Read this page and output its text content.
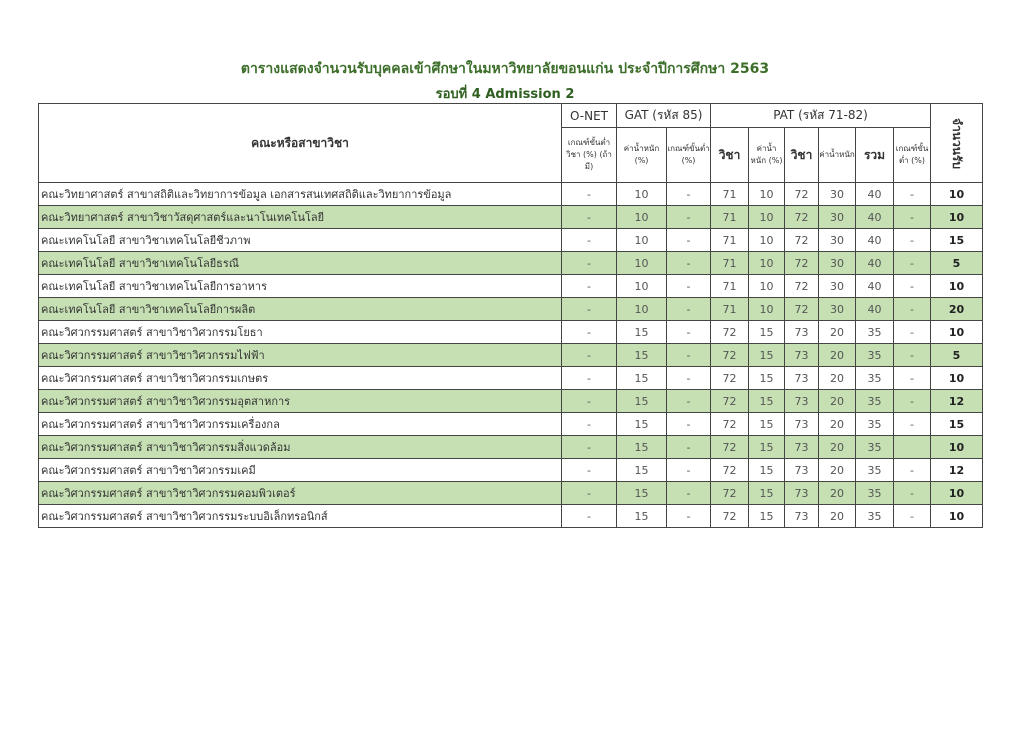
ตารางแสดงจำนวนรับบุคคลเข้าศึกษาในมหาวิทยาลัยขอนแก่น ประจำปีการศึกษา 2563
รอบที่ 4 Admission 2
คณะหรือสาขาวิชา	O-NET	GAT (รหัส 85)		PAT (รหัส 71-82)						จำนวนรับ
	เกณฑ์ขั้นต่ำวิชา (%) (ถ้ามี)	ค่าน้ำหนัก (%)	เกณฑ์ขั้นต่ำ (%)	วิชา	ค่าน้ำหนัก (%)	วิชา	ค่าน้ำหนัก	รวม	เกณฑ์ขั้นต่ำ (%)	
คณะวิทยาศาสตร์ สาขาสถิติและวิทยาการข้อมูล เอกสารสนเทศสถิติและวิทยาการข้อมูล	-	10	-	71	10	72	30	40	-	10
คณะวิทยาศาสตร์ สาขาวิชาวัสดุศาสตร์และนาโนเทคโนโลยี	-	10	-	71	10	72	30	40	-	10
คณะเทคโนโลยี สาขาวิชาเทคโนโลยีชีวภาพ	-	10	-	71	10	72	30	40	-	15
คณะเทคโนโลยี สาขาวิชาเทคโนโลยีธรณี	-	10	-	71	10	72	30	40	-	5
คณะเทคโนโลยี สาขาวิชาเทคโนโลยีการอาหาร	-	10	-	71	10	72	30	40	-	10
คณะเทคโนโลยี สาขาวิชาเทคโนโลยีการผลิต	-	10	-	71	10	72	30	40	-	20
คณะวิศวกรรมศาสตร์ สาขาวิชาวิศวกรรมโยธา	-	15	-	72	15	73	20	35	-	10
คณะวิศวกรรมศาสตร์ สาขาวิชาวิศวกรรมไฟฟ้า	-	15	-	72	15	73	20	35	-	5
คณะวิศวกรรมศาสตร์ สาขาวิชาวิศวกรรมเกษตร	-	15	-	72	15	73	20	35	-	10
คณะวิศวกรรมศาสตร์ สาขาวิชาวิศวกรรมอุตสาหการ	-	15	-	72	15	73	20	35	-	12
คณะวิศวกรรมศาสตร์ สาขาวิชาวิศวกรรมเครื่องกล	-	15	-	72	15	73	20	35	-	15
คณะวิศวกรรมศาสตร์ สาขาวิชาวิศวกรรมสิ่งแวดล้อม	-	15	-	72	15	73	20	35		10
คณะวิศวกรรมศาสตร์ สาขาวิชาวิศวกรรมเคมี	-	15	-	72	15	73	20	35	-	12
คณะวิศวกรรมศาสตร์ สาขาวิชาวิศวกรรมคอมพิวเตอร์	-	15	-	72	15	73	20	35	-	10
คณะวิศวกรรมศาสตร์ สาขาวิชาวิศวกรรมระบบอิเล็กทรอนิกส์	-	15	-	72	15	73	20	35	-	10
